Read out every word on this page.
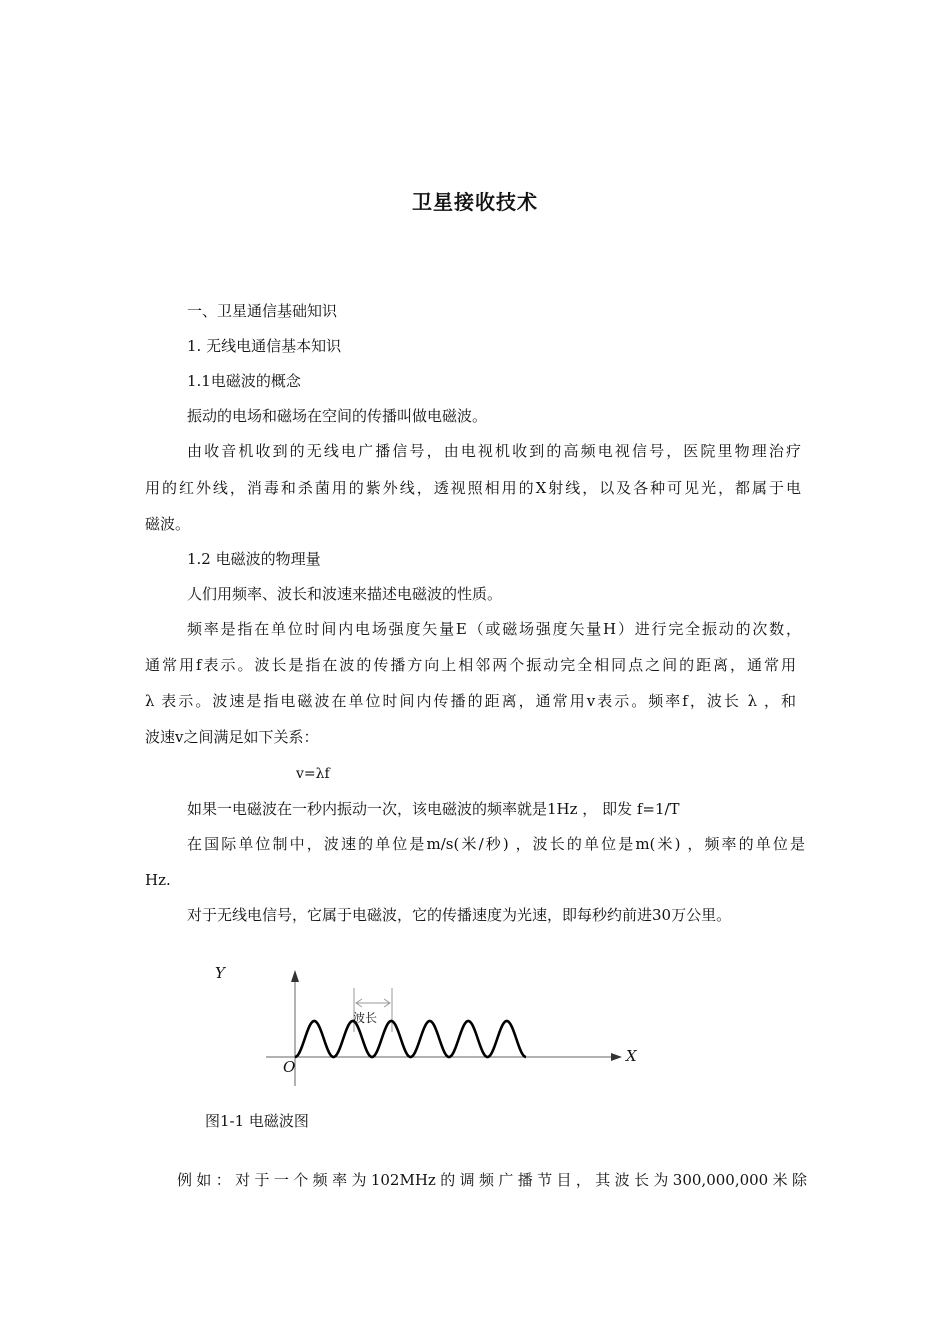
卫星接收技术
一、卫星通信基础知识
1. 无线电通信基本知识
1.1电磁波的概念
振动的电场和磁场在空间的传播叫做电磁波。
由收音机收到的无线电广播信号，由电视机收到的高频电视信号，医院里物理治疗
用的红外线，消毒和杀菌用的紫外线，透视照相用的X射线，以及各种可见光，都属于电
磁波。
1.2 电磁波的物理量
人们用频率、波长和波速来描述电磁波的性质。
频率是指在单位时间内电场强度矢量E（或磁场强度矢量H）进行完全振动的次数，
通常用f表示。波长是指在波的传播方向上相邻两个振动完全相同点之间的距离，通常用
λ 表示。波速是指电磁波在单位时间内传播的距离，通常用v表示。频率f，波长 λ ，和
波速v之间满足如下关系：
v=λf
如果一电磁波在一秒内振动一次，该电磁波的频率就是1Hz ， 即发 f=1/T
在国际单位制中，波速的单位是m/s(米/秒) ，波长的单位是m(米) ，频率的单位是
Hz.
对于无线电信号，它属于电磁波，它的传播速度为光速，即每秒约前进30万公里。
Y
X
O
波长
图1-1 电磁波图
例如：对于一个频率为102MHz的调频广播节目，其波长为300,000,000米除
